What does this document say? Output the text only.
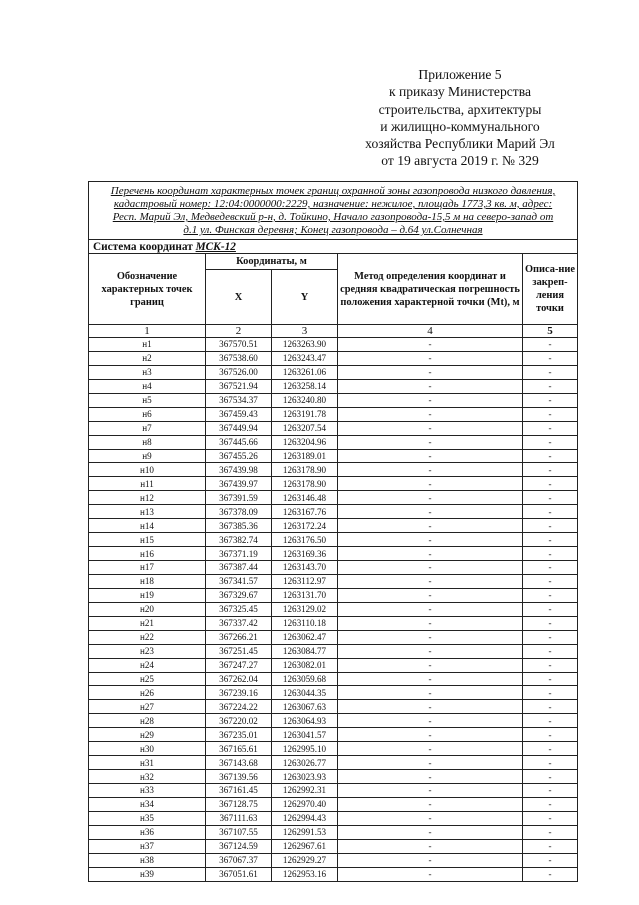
Приложение 5
к приказу Министерства
строительства, архитектуры
и жилищно-коммунального
хозяйства Республики Марий Эл
от 19 августа 2019 г. № 329
Перечень координат характерных точек границ охранной зоны газопровода низкого давления,
кадастровый номер: 12:04:0000000:2229, назначение: нежилое, площадь 1773,3 кв. м, адрес:
Респ. Марий Эл, Медведевский р-н, д. Тойкино, Начало газопровода-15,5 м на северо-запад от
д.1 ул. Финская деревня; Конец газопровода – д.64 ул.Солнечная				
Система координат МСК-12				
Обозначение характерных точек границ	Координаты, м		Метод определения координат и средняя квадратическая погрешность положения характерной точки (Mt), м	Описа-ние закреп-ления точки
	X	Y		
1	2	3	4	5
н1	367570.51	1263263.90	-	-
н2	367538.60	1263243.47	-	-
н3	367526.00	1263261.06	-	-
н4	367521.94	1263258.14	-	-
н5	367534.37	1263240.80	-	-
н6	367459.43	1263191.78	-	-
н7	367449.94	1263207.54	-	-
н8	367445.66	1263204.96	-	-
н9	367455.26	1263189.01	-	-
н10	367439.98	1263178.90	-	-
н11	367439.97	1263178.90	-	-
н12	367391.59	1263146.48	-	-
н13	367378.09	1263167.76	-	-
н14	367385.36	1263172.24	-	-
н15	367382.74	1263176.50	-	-
н16	367371.19	1263169.36	-	-
н17	367387.44	1263143.70	-	-
н18	367341.57	1263112.97	-	-
н19	367329.67	1263131.70	-	-
н20	367325.45	1263129.02	-	-
н21	367337.42	1263110.18	-	-
н22	367266.21	1263062.47	-	-
н23	367251.45	1263084.77	-	-
н24	367247.27	1263082.01	-	-
н25	367262.04	1263059.68	-	-
н26	367239.16	1263044.35	-	-
н27	367224.22	1263067.63	-	-
н28	367220.02	1263064.93	-	-
н29	367235.01	1263041.57	-	-
н30	367165.61	1262995.10	-	-
н31	367143.68	1263026.77	-	-
н32	367139.56	1263023.93	-	-
н33	367161.45	1262992.31	-	-
н34	367128.75	1262970.40	-	-
н35	367111.63	1262994.43	-	-
н36	367107.55	1262991.53	-	-
н37	367124.59	1262967.61	-	-
н38	367067.37	1262929.27	-	-
н39	367051.61	1262953.16	-	-
